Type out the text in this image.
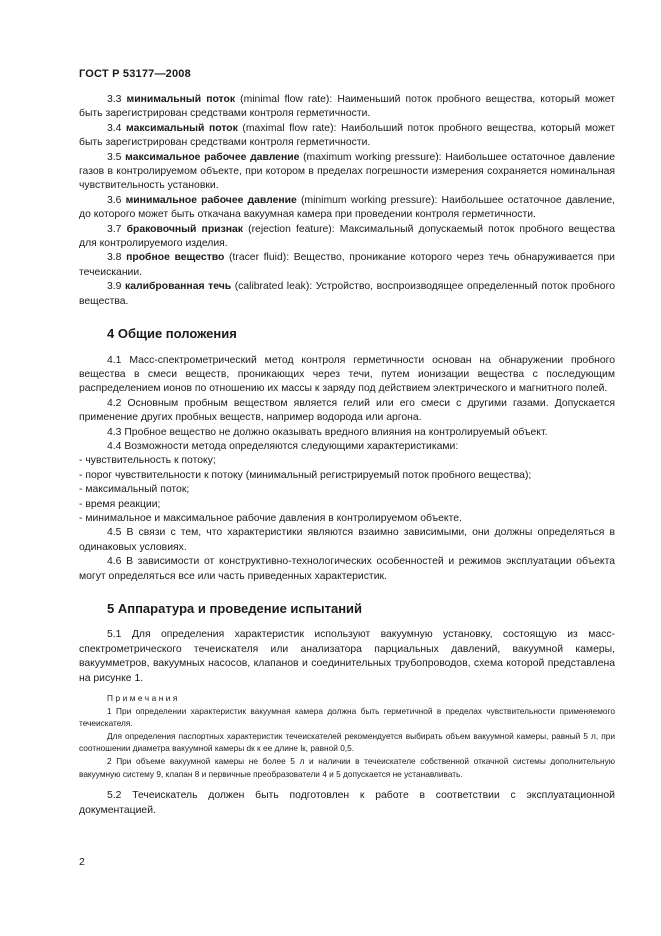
ГОСТ Р 53177—2008

3.3 минимальный поток (minimal flow rate): Наименьший поток пробного вещества, который может быть зарегистрирован средствами контроля герметичности.

3.4 максимальный поток (maximal flow rate): Наибольший поток пробного вещества, который может быть зарегистрирован средствами контроля герметичности.

3.5 максимальное рабочее давление (maximum working pressure): Наибольшее остаточное давление газов в контролируемом объекте, при котором в пределах погрешности измерения сохраняется номинальная чувствительность установки.

3.6 минимальное рабочее давление (minimum working pressure): Наибольшее остаточное давление, до которого может быть откачана вакуумная камера при проведении контроля герметичности.

3.7 браковочный признак (rejection feature): Максимальный допускаемый поток пробного вещества для контролируемого изделия.

3.8 пробное вещество (tracer fluid): Вещество, проникание которого через течь обнаруживается при течеискании.

3.9 калиброванная течь (calibrated leak): Устройство, воспроизводящее определенный поток пробного вещества.

4 Общие положения

4.1 Масс-спектрометрический метод контроля герметичности основан на обнаружении пробного вещества в смеси веществ, проникающих через течи, путем ионизации вещества с последующим распределением ионов по отношению их массы к заряду под действием электрического и магнитного полей.

4.2 Основным пробным веществом является гелий или его смеси с другими газами. Допускается применение других пробных веществ, например водорода или аргона.

4.3 Пробное вещество не должно оказывать вредного влияния на контролируемый объект.

4.4 Возможности метода определяются следующими характеристиками:

- чувствительность к потоку;

- порог чувствительности к потоку (минимальный регистрируемый поток пробного вещества);

- максимальный поток;

- время реакции;

- минимальное и максимальное рабочие давления в контролируемом объекте.

4.5 В связи с тем, что характеристики являются взаимно зависимыми, они должны определяться в одинаковых условиях.

4.6 В зависимости от конструктивно-технологических особенностей и режимов эксплуатации объекта могут определяться все или часть приведенных характеристик.

5 Аппаратура и проведение испытаний

5.1 Для определения характеристик используют вакуумную установку, состоящую из масс-спектрометрического течеискателя или анализатора парциальных давлений, вакуумной камеры, вакуумметров, вакуумных насосов, клапанов и соединительных трубопроводов, схема которой представлена на рисунке 1.

Примечания

1 При определении характеристик вакуумная камера должна быть герметичной в пределах чувствительности применяемого течеискателя.

Для определения паспортных характеристик течеискателей рекомендуется выбирать объем вакуумной камеры, равный 5 л, при соотношении диаметра вакуумной камеры dк к ее длине lк, равной 0,5.

2 При объеме вакуумной камеры не более 5 л и наличии в течеискателе собственной откачной системы дополнительную вакуумную систему 9, клапан 8 и первичные преобразователи 4 и 5 допускается не устанавливать.

5.2 Течеискатель должен быть подготовлен к работе в соответствии с эксплуатационной документацией.

2
